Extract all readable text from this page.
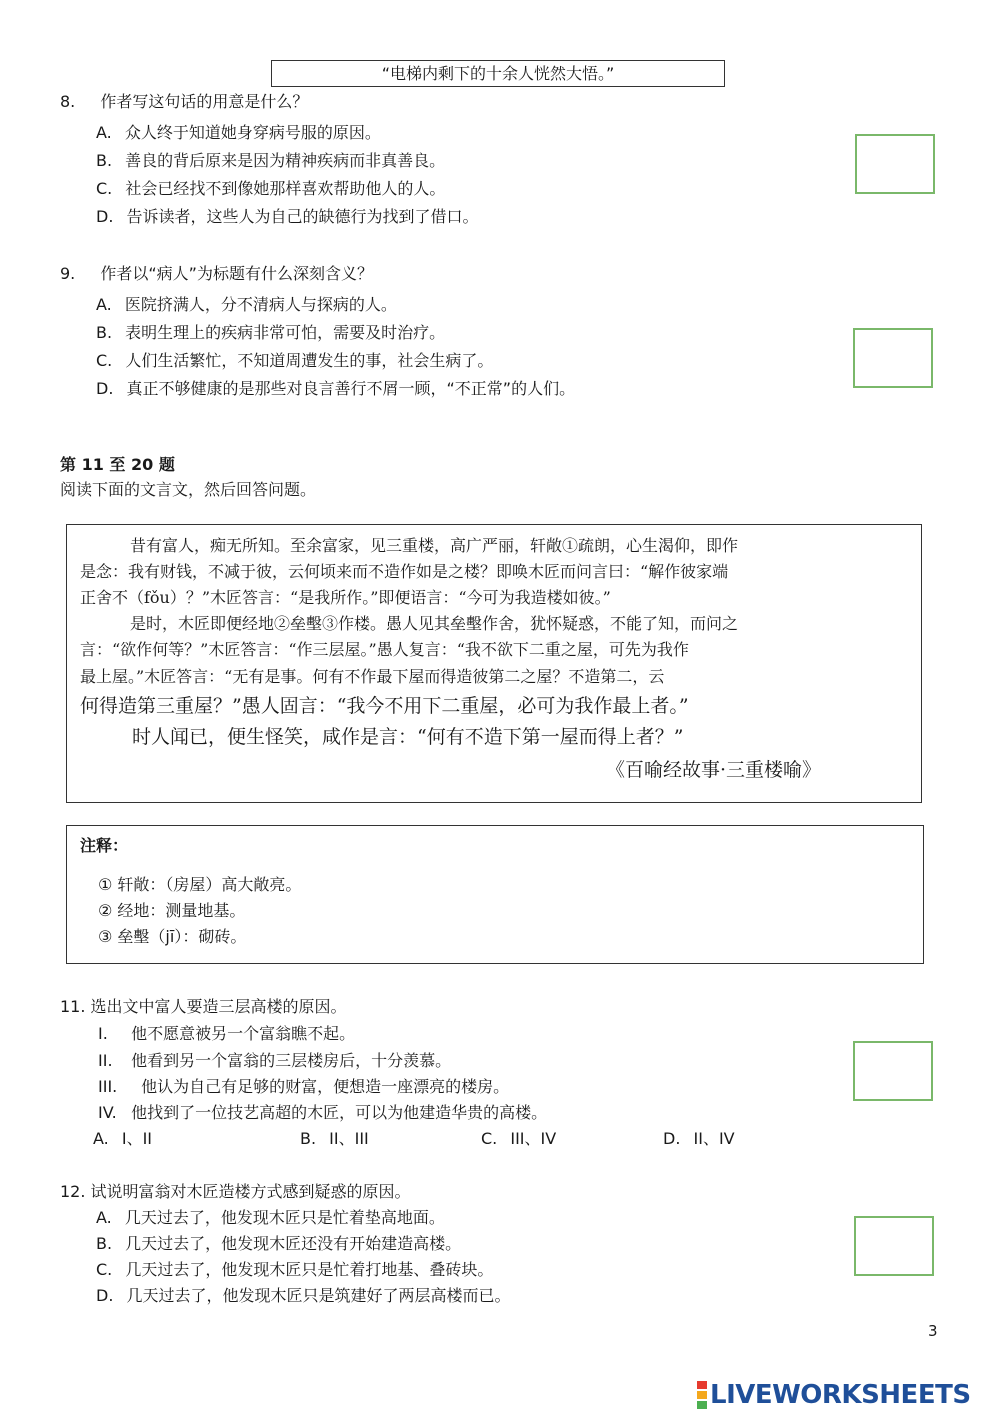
“电梯内剩下的十余人恍然大悟。”
8. 作者写这句话的用意是什么？
A. 众人终于知道她身穿病号服的原因。
B. 善良的背后原来是因为精神疾病而非真善良。
C. 社会已经找不到像她那样喜欢帮助他人的人。
D. 告诉读者，这些人为自己的缺德行为找到了借口。
9. 作者以“病人”为标题有什么深刻含义？
A. 医院挤满人，分不清病人与探病的人。
B. 表明生理上的疾病非常可怕，需要及时治疗。
C. 人们生活繁忙，不知道周遭发生的事，社会生病了。
D. 真正不够健康的是那些对良言善行不屑一顾，“不正常”的人们。
第 11 至 20 题
阅读下面的文言文，然后回答问题。
昔有富人，痴无所知。至余富家，见三重楼，高广严丽，轩敞①疏朗，心生渴仰，即作
是念：我有财钱，不减于彼，云何顷来而不造作如是之楼？即唤木匠而问言曰：“解作彼家端
正舍不（fǒu）？”木匠答言：“是我所作。”即便语言：“今可为我造楼如彼。”
是时，木匠即便经地②垒墼③作楼。愚人见其垒墼作舍，犹怀疑惑，不能了知，而问之
言：“欲作何等？”木匠答言：“作三层屋。”愚人复言：“我不欲下二重之屋，可先为我作
最上屋。”木匠答言：“无有是事。何有不作最下屋而得造彼第二之屋？不造第二，云
何得造第三重屋？”愚人固言：“我今不用下二重屋，必可为我作最上者。”
时人闻已，便生怪笑，咸作是言：“何有不造下第一屋而得上者？”
《百喻经故事·三重楼喻》
注释：
① 轩敞：（房屋）高大敞亮。
② 经地：测量地基。
③ 垒墼（jī）：砌砖。
11. 选出文中富人要造三层高楼的原因。
I. 他不愿意被另一个富翁瞧不起。
II. 他看到另一个富翁的三层楼房后，十分羡慕。
III. 他认为自己有足够的财富，便想造一座漂亮的楼房。
IV. 他找到了一位技艺高超的木匠，可以为他建造华贵的高楼。
A. I、II	B. II、III	C. III、IV	D. II、IV
12. 试说明富翁对木匠造楼方式感到疑惑的原因。
A. 几天过去了，他发现木匠只是忙着垫高地面。
B. 几天过去了，他发现木匠还没有开始建造高楼。
C. 几天过去了，他发现木匠只是忙着打地基、叠砖块。
D. 几天过去了，他发现木匠只是筑建好了两层高楼而已。
3
LIVEWORKSHEETS
